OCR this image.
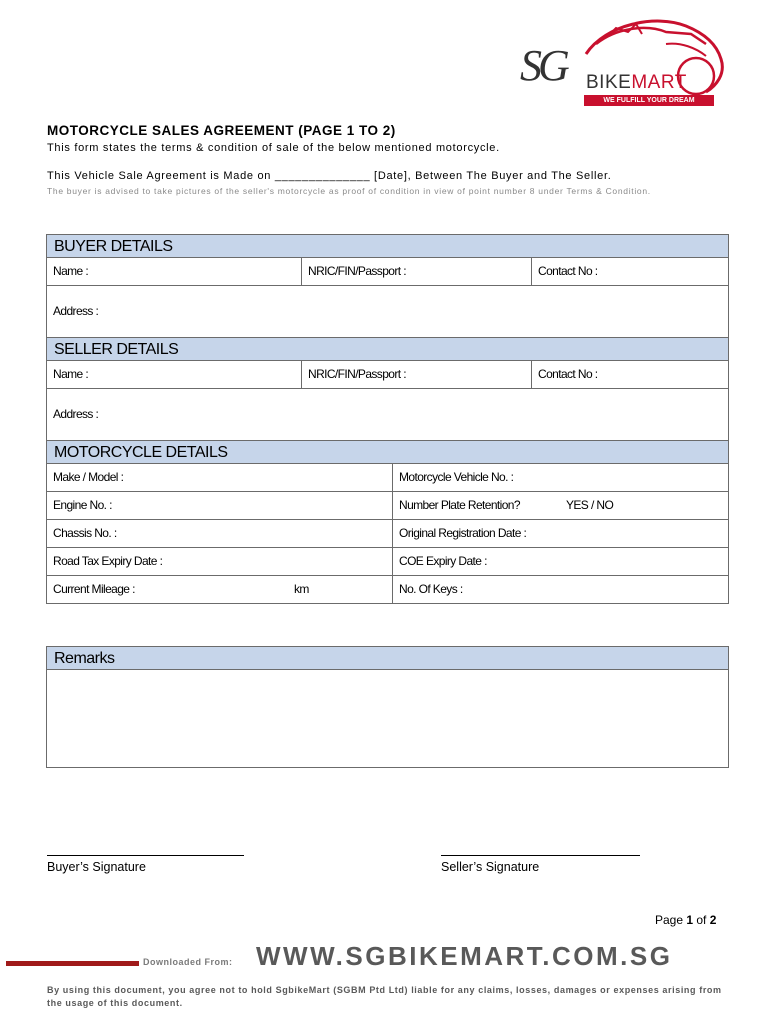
SG BIKEMART
WE FULFILL YOUR DREAM
MOTORCYCLE SALES AGREEMENT (PAGE 1 TO 2)
This form states the terms & condition of sale of the below mentioned motorcycle.
This Vehicle Sale Agreement is Made on ______________ [Date], Between The Buyer and The Seller.
The buyer is advised to take pictures of the seller's motorcycle as proof of condition in view of point number 8 under Terms & Condition.
BUYER DETAILS
Name :	NRIC/FIN/Passport :	Contact No :
Address :
SELLER DETAILS
Name :	NRIC/FIN/Passport :	Contact No :
Address :
MOTORCYCLE DETAILS
Make / Model :	Motorcycle Vehicle No. :
Engine No. :	Number Plate Retention?	YES / NO
Chassis No. :	Original Registration Date :
Road Tax Expiry Date :	COE Expiry Date :
Current Mileage :	km	No. Of Keys :
Remarks
Buyer’s Signature	Seller’s Signature
Page 1 of 2
Downloaded From: WWW.SGBIKEMART.COM.SG
By using this document, you agree not to hold SgbikeMart (SGBM Ptd Ltd) liable for any claims, losses, damages or expenses arising from the usage of this document.
